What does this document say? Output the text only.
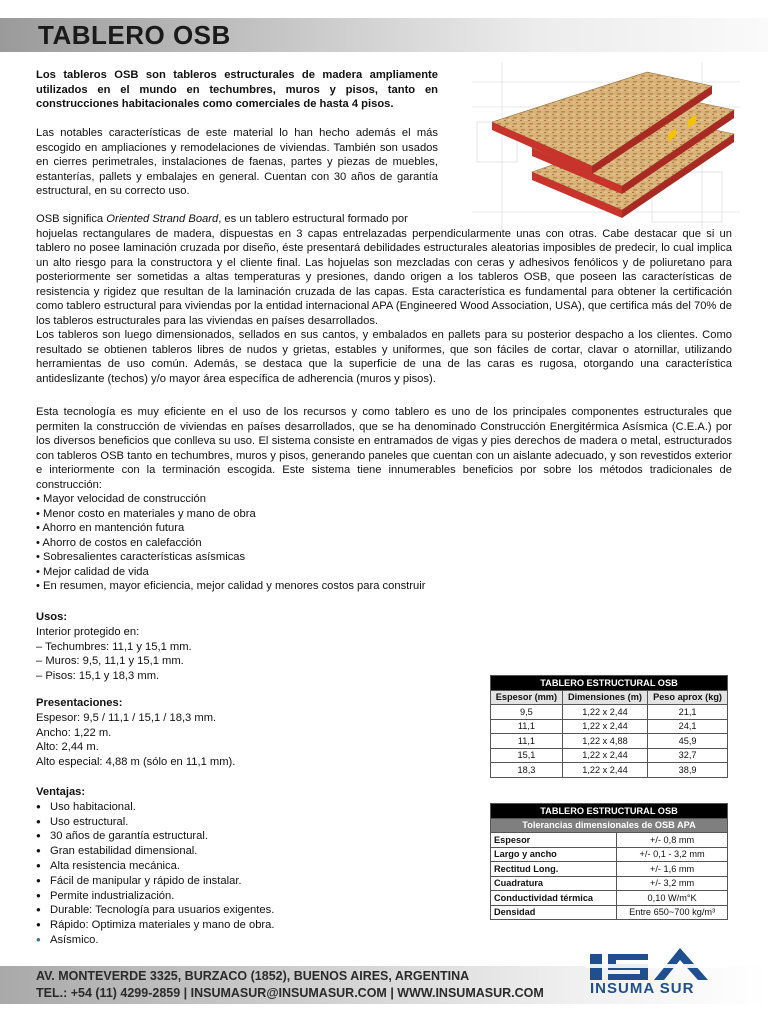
TABLERO OSB
Los tableros OSB son tableros estructurales de madera ampliamente utilizados en el mundo en techumbres, muros y pisos, tanto en construcciones habitacionales como comerciales de hasta 4 pisos.
Las notables características de este material lo han hecho además el más escogido en ampliaciones y remodelaciones de viviendas. También son usados en cierres perimetrales, instalaciones de faenas, partes y piezas de muebles, estanterías, pallets y embalajes en general. Cuentan con 30 años de garantía estructural, en su correcto uso.

OSB significa Oriented Strand Board, es un tablero estructural formado por

hojuelas rectangulares de madera, dispuestas en 3 capas entrelazadas perpendicularmente unas con otras. Cabe destacar que si un tablero no posee laminación cruzada por diseño, éste presentará debilidades estructurales aleatorias imposibles de predecir, lo cual implica un alto riesgo para la constructora y el cliente final. Las hojuelas son mezcladas con ceras y adhesivos fenólicos y de poliuretano para posteriormente ser sometidas a altas temperaturas y presiones, dando origen a los tableros OSB, que poseen las características de resistencia y rigidez que resultan de la laminación cruzada de las capas. Esta característica es fundamental para obtener la certificación como tablero estructural para viviendas por la entidad internacional APA (Engineered Wood Association, USA), que certifica más del 70% de los tableros estructurales para las viviendas en países desarrollados.

Los tableros son luego dimensionados, sellados en sus cantos, y embalados en pallets para su posterior despacho a los clientes. Como resultado se obtienen tableros libres de nudos y grietas, estables y uniformes, que son fáciles de cortar, clavar o atornillar, utilizando herramientas de uso común. Además, se destaca que la superficie de una de las caras es rugosa, otorgando una característica antideslizante (techos) y/o mayor área específica de adherencia (muros y pisos).

Esta tecnología es muy eficiente en el uso de los recursos y como tablero es uno de los principales componentes estructurales que permiten la construcción de viviendas en países desarrollados, que se ha denominado Construcción Energitérmica Asísmica (C.E.A.) por los diversos beneficios que conlleva su uso. El sistema consiste en entramados de vigas y pies derechos de madera o metal, estructurados con tableros OSB tanto en techumbres, muros y pisos, generando paneles que cuentan con un aislante adecuado, y son revestidos exterior e interiormente con la terminación escogida. Este sistema tiene innumerables beneficios por sobre los métodos tradicionales de construcción:

• Mayor velocidad de construcción
• Menor costo en materiales y mano de obra
• Ahorro en mantención futura
• Ahorro de costos en calefacción
• Sobresalientes características asísmicas
• Mejor calidad de vida
• En resumen, mayor eficiencia, mejor calidad y menores costos para construir
Usos:
Interior protegido en:
– Techumbres: 11,1 y 15,1 mm.
– Muros: 9,5, 11,1 y 15,1 mm.
– Pisos: 15,1 y 18,3 mm.
Presentaciones:
Espesor: 9,5 / 11,1 / 15,1 / 18,3 mm.
Ancho: 1,22 m.
Alto: 2,44 m.
Alto especial: 4,88 m (sólo en 11,1 mm).
Ventajas:
● Uso habitacional.
● Uso estructural.
● 30 años de garantía estructural.
● Gran estabilidad dimensional.
● Alta resistencia mecánica.
● Fácil de manipular y rápido de instalar.
● Permite industrialización.
● Durable: Tecnología para usuarios exigentes.
● Rápido: Optimiza materiales y mano de obra.
● Asísmico.
TABLERO ESTRUCTURAL OSB		
Espesor (mm)	Dimensiones (m)	Peso aprox (kg)
9,5	1,22 x 2,44	21,1
11,1	1,22 x 2,44	24,1
11,1	1,22 x 4,88	45,9
15,1	1,22 x 2,44	32,7
18,3	1,22 x 2,44	38,9
TABLERO ESTRUCTURAL OSB	
Tolerancias dimensionales de OSB APA	
Espesor	+/- 0,8 mm
Largo y ancho	+/- 0,1 - 3,2 mm
Rectitud Long.	+/- 1,6 mm
Cuadratura	+/- 3,2 mm
Conductividad térmica	0,10 W/m°K
Densidad	Entre 650~700 kg/m³
AV. MONTEVERDE 3325, BURZACO (1852), BUENOS AIRES, ARGENTINA
TEL.: +54 (11) 4299-2859 | INSUMASUR@INSUMASUR.COM | WWW.INSUMASUR.COM	INSUMA SUR
